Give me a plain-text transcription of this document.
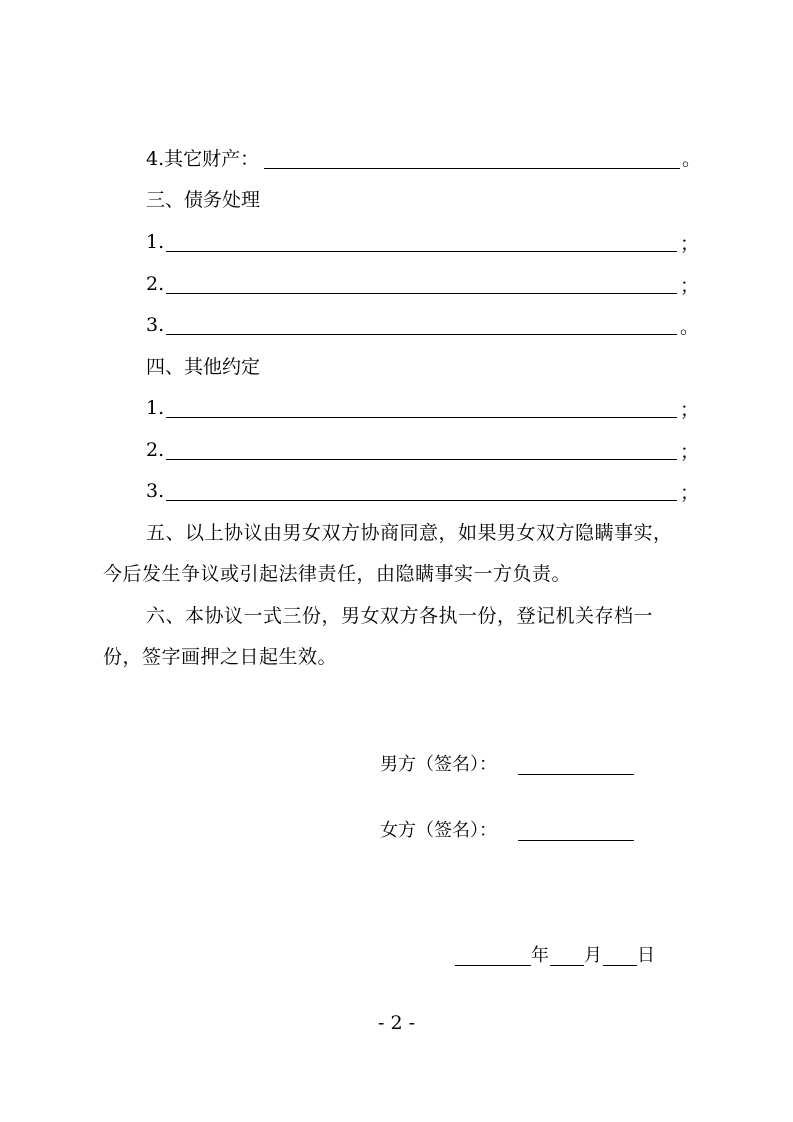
4.其它财产：	。
三、债务处理
1.	；
2.	；
3.	。
四、其他约定
1.	；
2.	；
3.	；
五、以上协议由男女双方协商同意，如果男女双方隐瞒事实，
今后发生争议或引起法律责任，由隐瞒事实一方负责。
六、本协议一式三份，男女双方各执一份，登记机关存档一
份，签字画押之日起生效。
男方（签名）：
女方（签名）：
年 月 日
- 2 -
